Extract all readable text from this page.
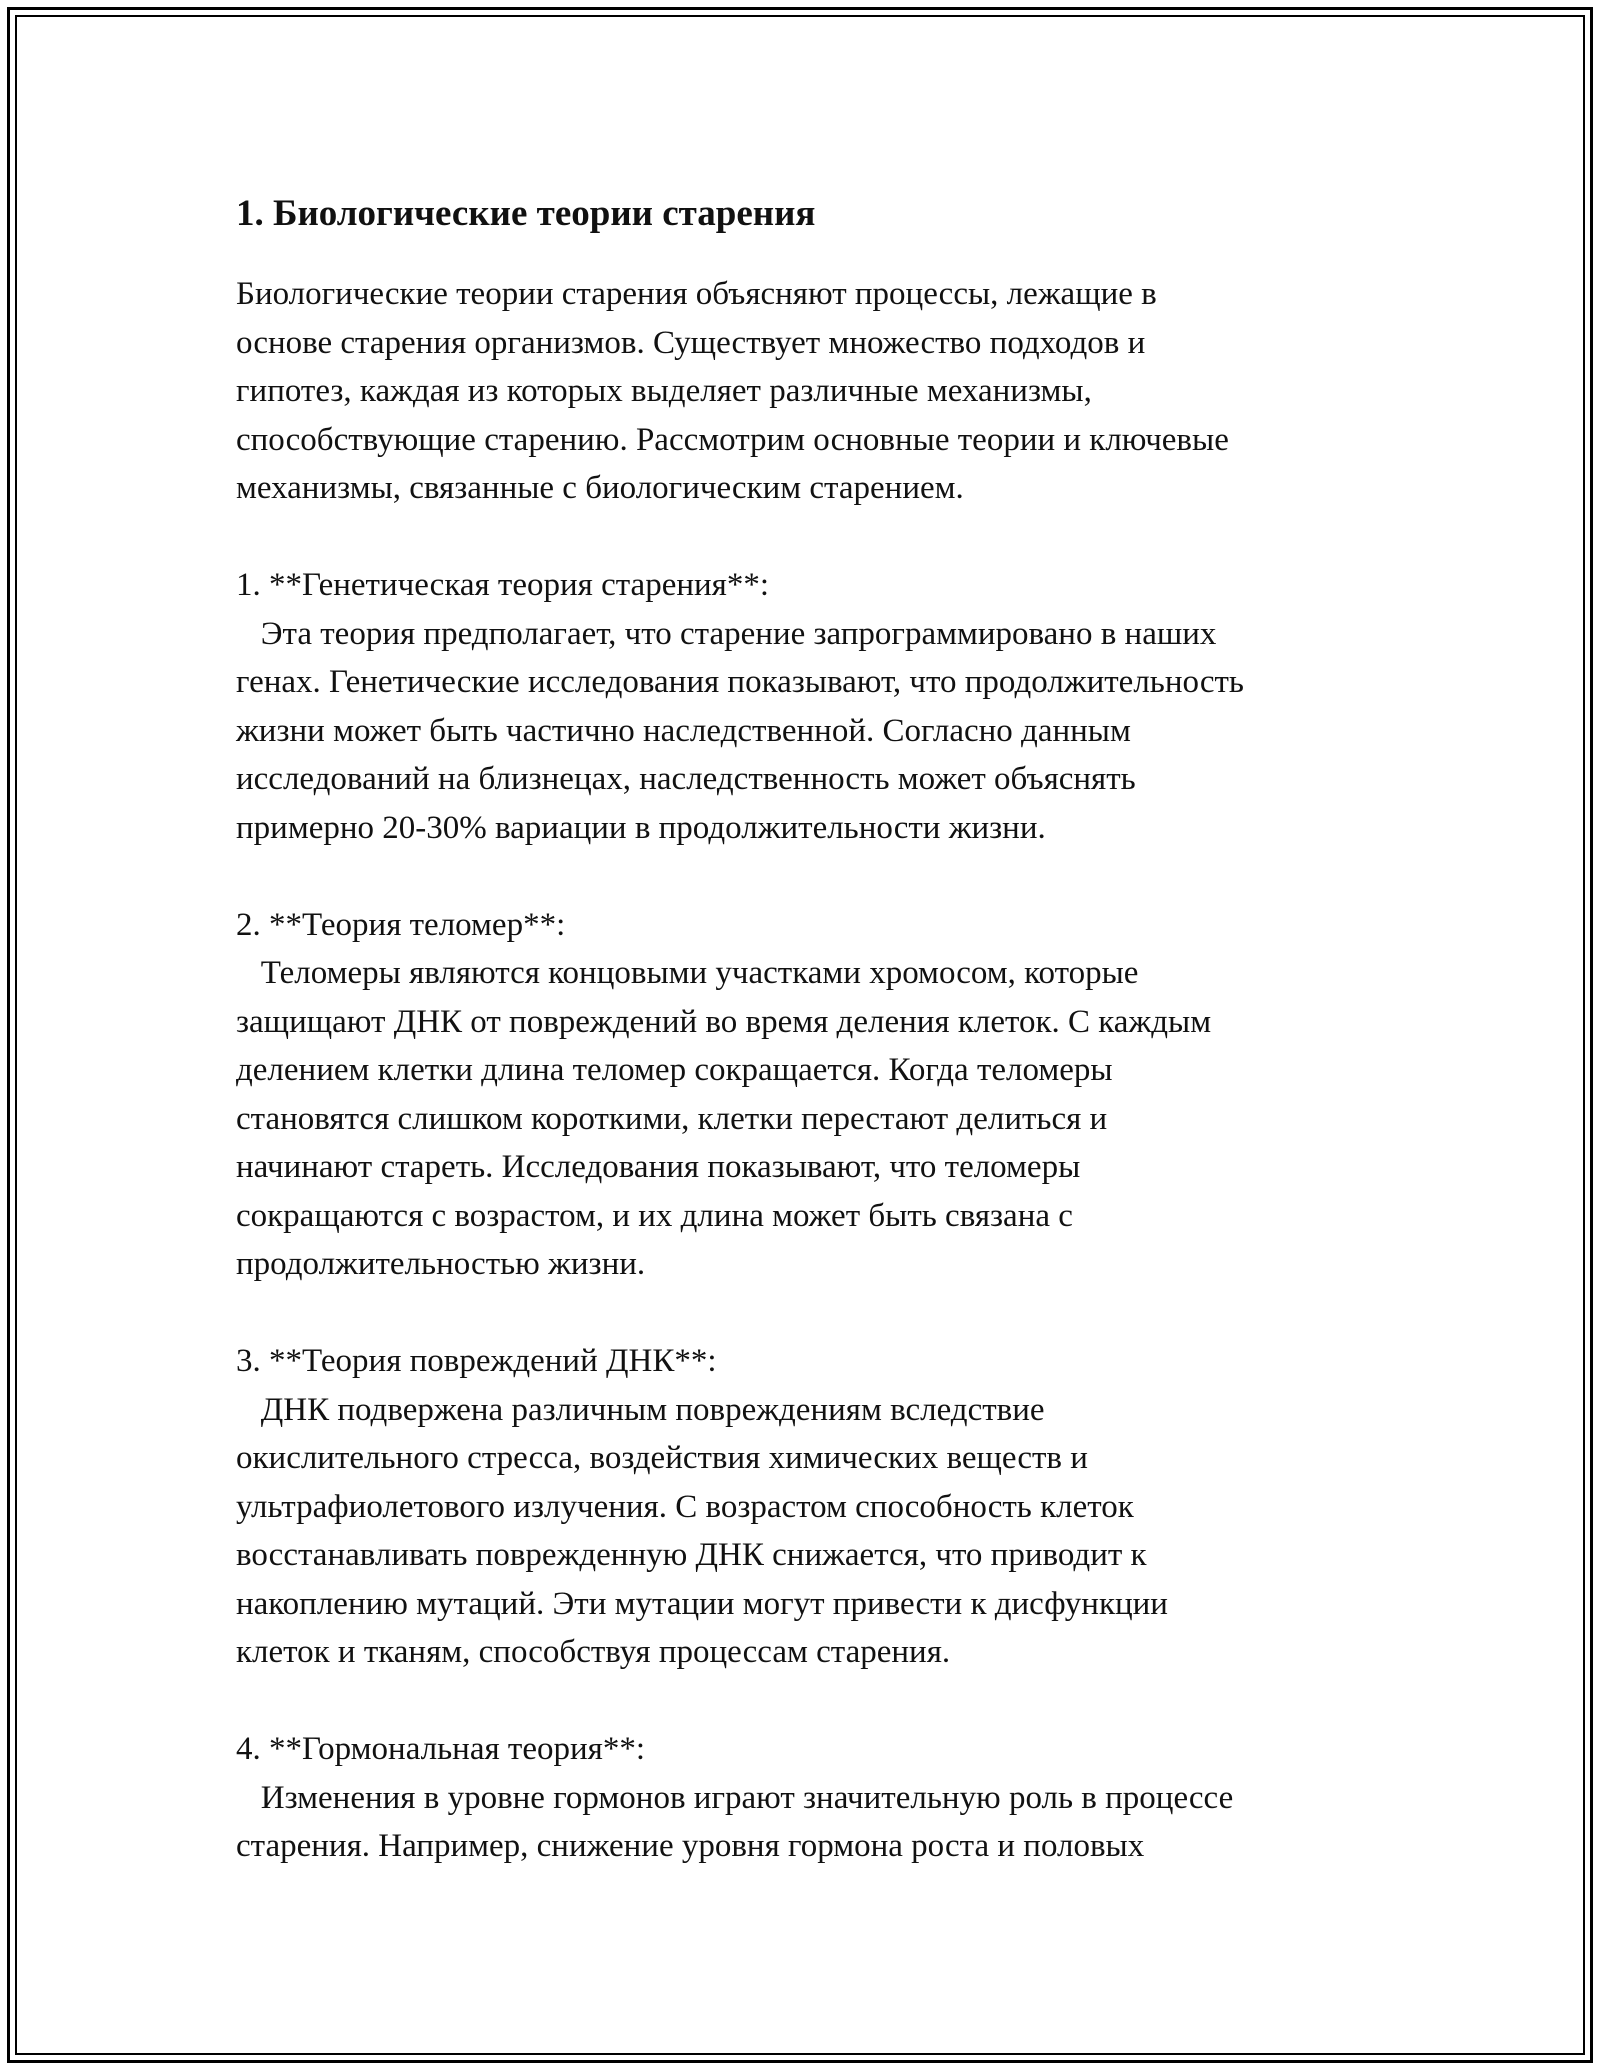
1. Биологические теории старения

Биологические теории старения объясняют процессы, лежащие в
основе старения организмов. Существует множество подходов и
гипотез, каждая из которых выделяет различные механизмы,
способствующие старению. Рассмотрим основные теории и ключевые
механизмы, связанные с биологическим старением.

1. **Генетическая теория старения**:
Эта теория предполагает, что старение запрограммировано в наших
генах. Генетические исследования показывают, что продолжительность
жизни может быть частично наследственной. Согласно данным
исследований на близнецах, наследственность может объяснять
примерно 20-30% вариации в продолжительности жизни.

2. **Теория теломер**:
Теломеры являются концовыми участками хромосом, которые
защищают ДНК от повреждений во время деления клеток. С каждым
делением клетки длина теломер сокращается. Когда теломеры
становятся слишком короткими, клетки перестают делиться и
начинают стареть. Исследования показывают, что теломеры
сокращаются с возрастом, и их длина может быть связана с
продолжительностью жизни.

3. **Теория повреждений ДНК**:
ДНК подвержена различным повреждениям вследствие
окислительного стресса, воздействия химических веществ и
ультрафиолетового излучения. С возрастом способность клеток
восстанавливать поврежденную ДНК снижается, что приводит к
накоплению мутаций. Эти мутации могут привести к дисфункции
клеток и тканям, способствуя процессам старения.

4. **Гормональная теория**:
Изменения в уровне гормонов играют значительную роль в процессе
старения. Например, снижение уровня гормона роста и половых
